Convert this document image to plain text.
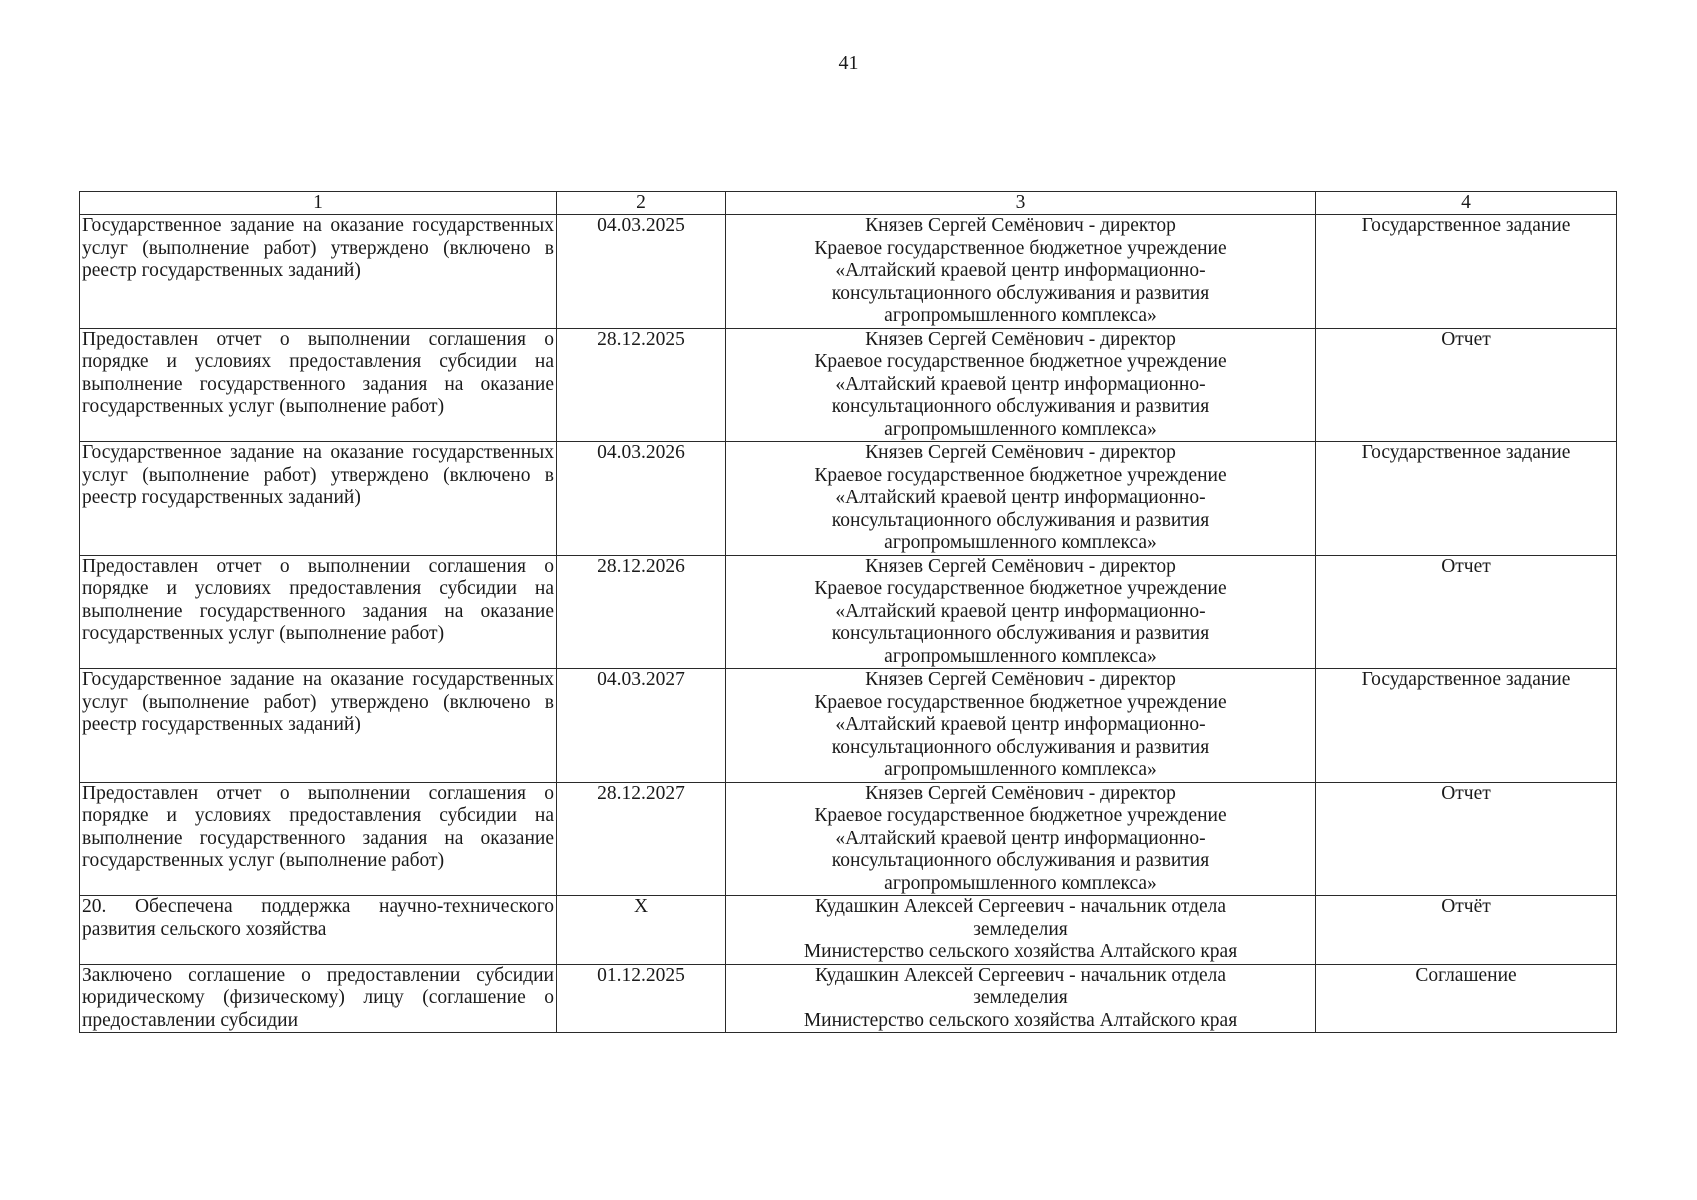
41
1	2	3	4
Государственное задание на оказание государственных услуг (выполнение работ) утверждено (включено в реестр государственных заданий)	04.03.2025	Князев Сергей Семёнович - директор
Краевое государственное бюджетное учреждение
«Алтайский краевой центр информационно-
консультационного обслуживания и развития
агропромышленного комплекса»	Государственное задание
Предоставлен отчет о выполнении соглашения о порядке и условиях предоставления субсидии на выполнение государственного задания на оказание государственных услуг (выполнение работ)	28.12.2025	Князев Сергей Семёнович - директор
Краевое государственное бюджетное учреждение
«Алтайский краевой центр информационно-
консультационного обслуживания и развития
агропромышленного комплекса»	Отчет
Государственное задание на оказание государственных услуг (выполнение работ) утверждено (включено в реестр государственных заданий)	04.03.2026	Князев Сергей Семёнович - директор
Краевое государственное бюджетное учреждение
«Алтайский краевой центр информационно-
консультационного обслуживания и развития
агропромышленного комплекса»	Государственное задание
Предоставлен отчет о выполнении соглашения о порядке и условиях предоставления субсидии на выполнение государственного задания на оказание государственных услуг (выполнение работ)	28.12.2026	Князев Сергей Семёнович - директор
Краевое государственное бюджетное учреждение
«Алтайский краевой центр информационно-
консультационного обслуживания и развития
агропромышленного комплекса»	Отчет
Государственное задание на оказание государственных услуг (выполнение работ) утверждено (включено в реестр государственных заданий)	04.03.2027	Князев Сергей Семёнович - директор
Краевое государственное бюджетное учреждение
«Алтайский краевой центр информационно-
консультационного обслуживания и развития
агропромышленного комплекса»	Государственное задание
Предоставлен отчет о выполнении соглашения о порядке и условиях предоставления субсидии на выполнение государственного задания на оказание государственных услуг (выполнение работ)	28.12.2027	Князев Сергей Семёнович - директор
Краевое государственное бюджетное учреждение
«Алтайский краевой центр информационно-
консультационного обслуживания и развития
агропромышленного комплекса»	Отчет
20. Обеспечена поддержка научно-технического развития сельского хозяйства	X	Кудашкин Алексей Сергеевич - начальник отдела
земледелия
Министерство сельского хозяйства Алтайского края	Отчёт

Заключено соглашение о предоставлении субсидии юридическому (физическому) лицу (соглашение о предоставлении субсидии	01.12.2025	Кудашкин Алексей Сергеевич - начальник отдела
земледелия
Министерство сельского хозяйства Алтайского края	Соглашение
